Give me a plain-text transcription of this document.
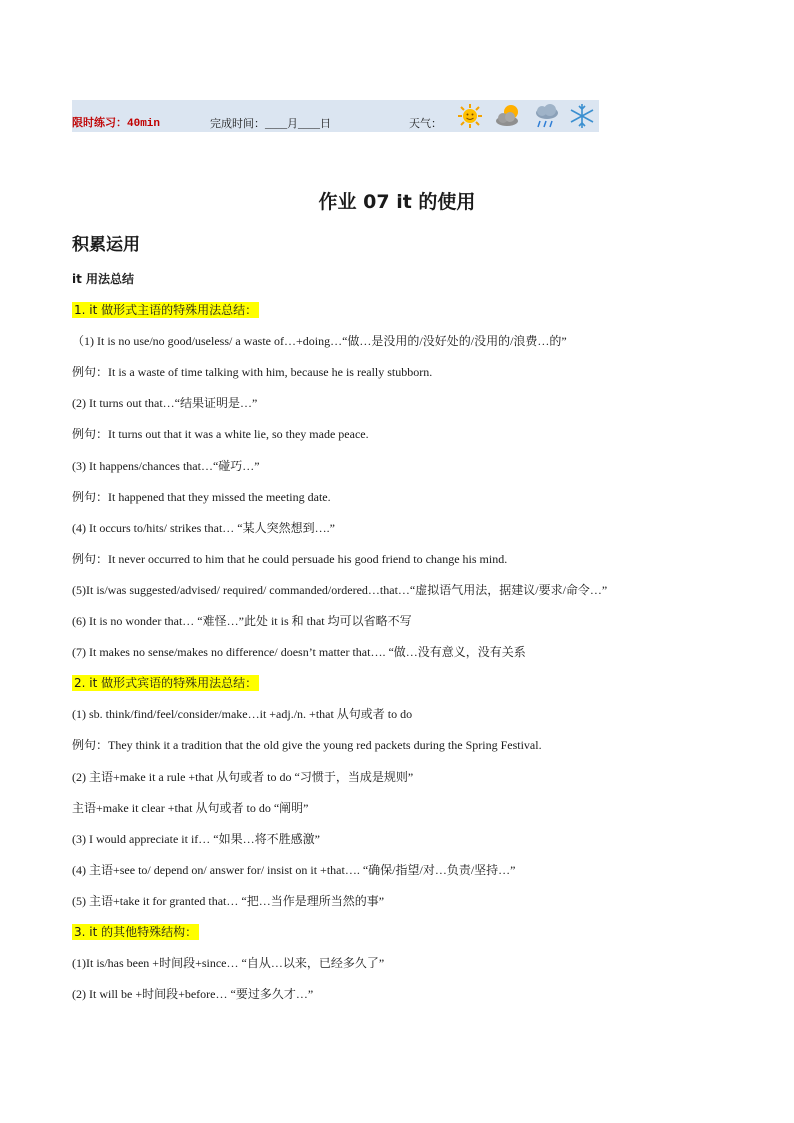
限时练习：40min	完成时间：____月____日	天气：
作业 07 it 的使用
积累运用
it 用法总结
1. it 做形式主语的特殊用法总结：
（1) It is no use/no good/useless/ a waste of…+doing…“做…是没用的/没好处的/没用的/浪费…的”
例句：It is a waste of time talking with him, because he is really stubborn.
(2) It turns out that…“结果证明是…”
例句：It turns out that it was a white lie, so they made peace.
(3) It happens/chances that…“碰巧…”
例句：It happened that they missed the meeting date.
(4) It occurs to/hits/ strikes that… “某人突然想到….”
例句：It never occurred to him that he could persuade his good friend to change his mind.
(5)It is/was suggested/advised/ required/ commanded/ordered…that…“虚拟语气用法，据建议/要求/命令…”
(6) It is no wonder that… “难怪…”此处 it is 和 that 均可以省略不写
(7) It makes no sense/makes no difference/ doesn’t matter that…. “做…没有意义，没有关系
2. it 做形式宾语的特殊用法总结：
(1) sb. think/find/feel/consider/make…it +adj./n. +that 从句或者 to do
例句：They think it a tradition that the old give the young red packets during the Spring Festival.
(2) 主语+make it a rule +that 从句或者 to do “习惯于，当成是规则”
主语+make it clear +that 从句或者 to do “阐明”
(3) I would appreciate it if… “如果…将不胜感激”
(4) 主语+see to/ depend on/ answer for/ insist on it +that…. “确保/指望/对…负责/坚持…”
(5) 主语+take it for granted that… “把…当作是理所当然的事”
3. it 的其他特殊结构：
(1)It is/has been +时间段+since… “自从…以来，已经多久了”
(2) It will be +时间段+before… “要过多久才…”
